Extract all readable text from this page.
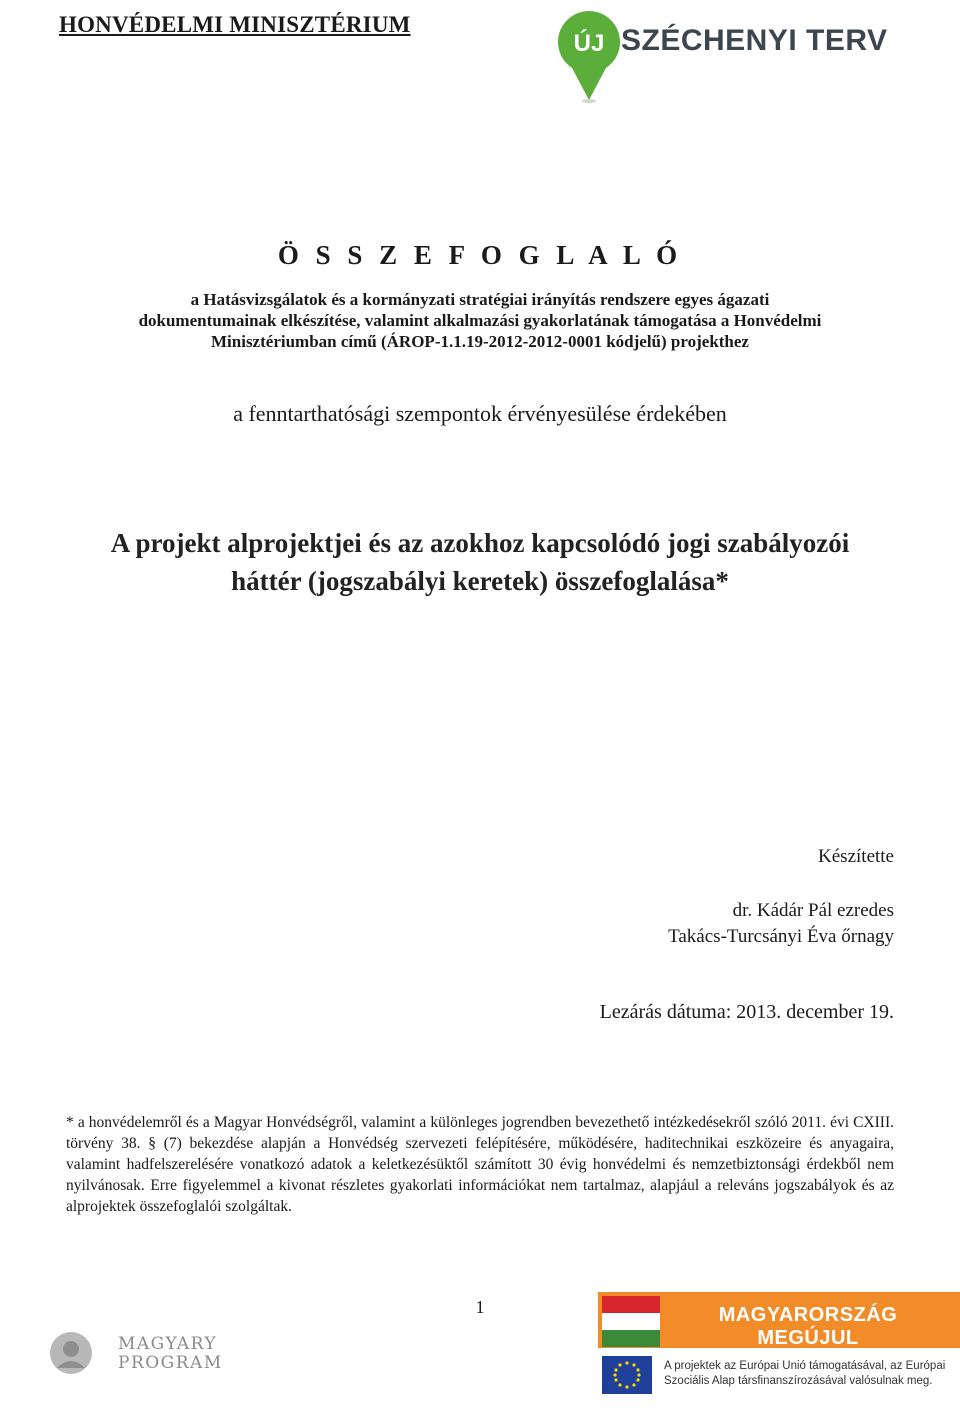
HONVÉDELMI MINISZTÉRIUM
ÚJ SZÉCHENYI TERV
Ö S S Z E F O G L A L Ó
a Hatásvizsgálatok és a kormányzati stratégiai irányítás rendszere egyes ágazati
dokumentumainak elkészítése, valamint alkalmazási gyakorlatának támogatása a Honvédelmi
Minisztériumban című (ÁROP-1.1.19-2012-2012-0001 kódjelű) projekthez
a fenntarthatósági szempontok érvényesülése érdekében
A projekt alprojektjei és az azokhoz kapcsolódó jogi szabályozói
háttér (jogszabályi keretek) összefoglalása*
Készítette
dr. Kádár Pál ezredes
Takács-Turcsányi Éva őrnagy
Lezárás dátuma: 2013. december 19.
* a honvédelemről és a Magyar Honvédségről, valamint a különleges jogrendben bevezethető intézkedésekről szóló 2011. évi CXIII. törvény 38. § (7) bekezdése alapján a Honvédség szervezeti felépítésére, működésére, haditechnikai eszközeire és anyagaira, valamint hadfelszerelésére vonatkozó adatok a keletkezésüktől számított 30 évig honvédelmi és nemzetbiztonsági érdekből nem nyilvánosak. Erre figyelemmel a kivonat részletes gyakorlati információkat nem tartalmaz, alapjául a releváns jogszabályok és az alprojektek összefoglalói szolgáltak.
1
MAGYARY
PROGRAM
MAGYARORSZÁG MEGÚJUL
A projektek az Európai Unió támogatásával, az Európai
Szociális Alap társfinanszírozásával valósulnak meg.
